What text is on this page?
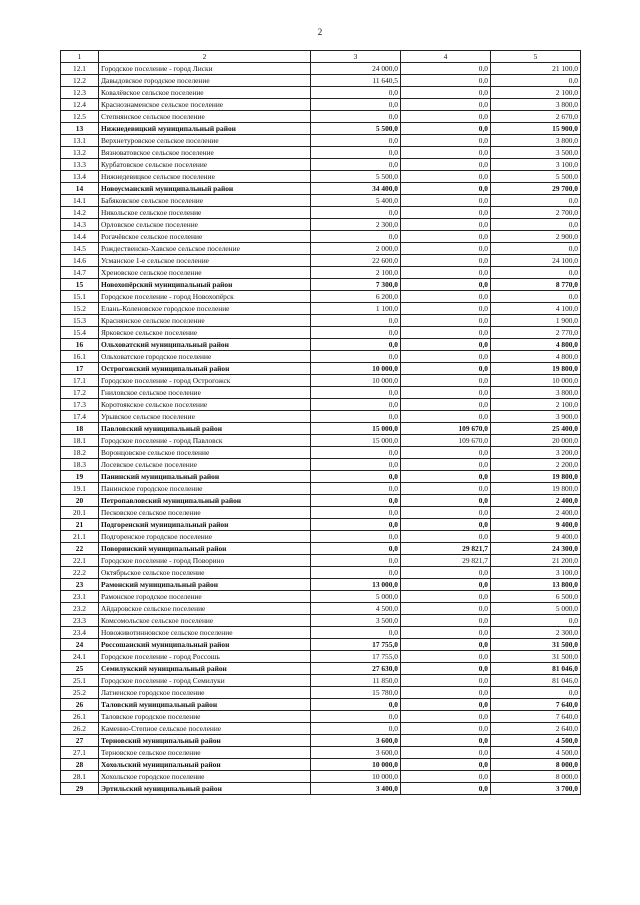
2
1	2	3	4	5
12.1	Городское поселение - город Лиски	24 000,0	0,0	21 100,0
12.2	Давыдовское городское поселение	11 640,5	0,0	0,0
12.3	Ковалёвское сельское поселение	0,0	0,0	2 100,0
12.4	Краснознаменское сельское поселение	0,0	0,0	3 800,0
12.5	Степнянское сельское поселение	0,0	0,0	2 670,0
13	Нижнедевицкий муниципальный район	5 500,0	0,0	15 900,0
13.1	Верхнетуровское сельское поселение	0,0	0,0	3 800,0
13.2	Вязноватовское сельское поселение	0,0	0,0	3 500,0
13.3	Курбатовское сельское поселение	0,0	0,0	3 100,0
13.4	Нижнедевицкое сельское поселение	5 500,0	0,0	5 500,0
14	Новоусманский муниципальный район	34 400,0	0,0	29 700,0
14.1	Бабяковское сельское поселение	5 400,0	0,0	0,0
14.2	Никольское сельское поселение	0,0	0,0	2 700,0
14.3	Орловское сельское поселение	2 300,0	0,0	0,0
14.4	Рогачёвское сельское поселение	0,0	0,0	2 900,0
14.5	Рождественско-Хавское сельское поселение	2 000,0	0,0	0,0
14.6	Усманское 1-е сельское поселение	22 600,0	0,0	24 100,0
14.7	Хреновское сельское поселение	2 100,0	0,0	0,0
15	Новохопёрский муниципальный район	7 300,0	0,0	8 770,0
15.1	Городское поселение - город Новохопёрск	6 200,0	0,0	0,0
15.2	Елань-Коленовское городское поселение	1 100,0	0,0	4 100,0
15.3	Краснянское сельское поселение	0,0	0,0	1 900,0
15.4	Ярковское сельское поселение	0,0	0,0	2 770,0
16	Ольховатский муниципальный район	0,0	0,0	4 800,0
16.1	Ольховатское городское поселение	0,0	0,0	4 800,0
17	Острогожский муниципальный район	10 000,0	0,0	19 800,0
17.1	Городское поселение - город Острогожск	10 000,0	0,0	10 000,0
17.2	Гниловское сельское поселение	0,0	0,0	3 800,0
17.3	Коротоякское сельское поселение	0,0	0,0	2 100,0
17.4	Урывское сельское поселение	0,0	0,0	3 900,0
18	Павловский муниципальный район	15 000,0	109 670,0	25 400,0
18.1	Городское поселение - город Павловск	15 000,0	109 670,0	20 000,0
18.2	Воронцовское сельское поселение	0,0	0,0	3 200,0
18.3	Лосевское сельское поселение	0,0	0,0	2 200,0
19	Панинский муниципальный район	0,0	0,0	19 800,0
19.1	Панинское городское поселение	0,0	0,0	19 800,0
20	Петропавловский муниципальный район	0,0	0,0	2 400,0
20.1	Песковское сельское поселение	0,0	0,0	2 400,0
21	Подгоренский муниципальный район	0,0	0,0	9 400,0
21.1	Подгоренское городское поселение	0,0	0,0	9 400,0
22	Поворинский муниципальный район	0,0	29 821,7	24 300,0
22.1	Городское поселение - город Поворино	0,0	29 821,7	21 200,0
22.2	Октябрьское сельское поселение	0,0	0,0	3 100,0
23	Рамонский муниципальный район	13 000,0	0,0	13 800,0
23.1	Рамонское городское поселение	5 000,0	0,0	6 500,0
23.2	Айдаровское сельское поселение	4 500,0	0,0	5 000,0
23.3	Комсомольское сельское поселение	3 500,0	0,0	0,0
23.4	Новоживотинновское сельское поселение	0,0	0,0	2 300,0
24	Россошанский муниципальный район	17 755,0	0,0	31 500,0
24.1	Городское поселение - город Россошь	17 755,0	0,0	31 500,0
25	Семилукский муниципальный район	27 630,0	0,0	81 046,0
25.1	Городское поселение - город Семилуки	11 850,0	0,0	81 046,0
25.2	Латненское городское поселение	15 780,0	0,0	0,0
26	Таловский муниципальный район	0,0	0,0	7 640,0
26.1	Таловское городское поселение	0,0	0,0	7 640,0
26.2	Каменно-Степное сельское поселение	0,0	0,0	2 640,0
27	Терновский муниципальный район	3 600,0	0,0	4 500,0
27.1	Терновское сельское поселение	3 600,0	0,0	4 500,0
28	Хохольский муниципальный район	10 000,0	0,0	8 000,0
28.1	Хохольское городское поселение	10 000,0	0,0	8 000,0
29	Эртильский муниципальный район	3 400,0	0,0	3 700,0
